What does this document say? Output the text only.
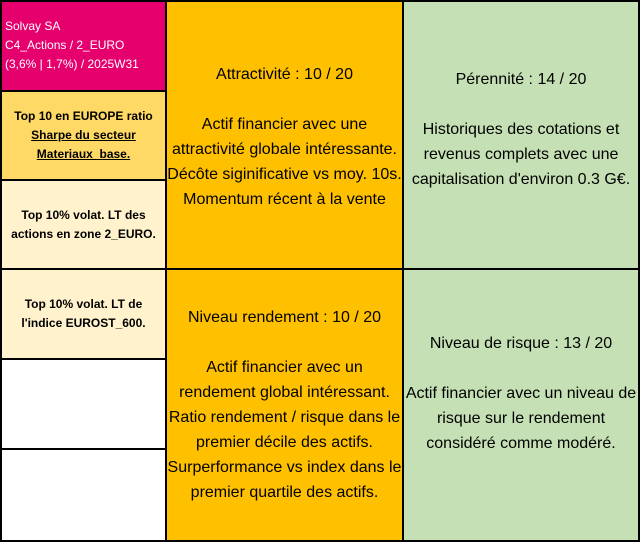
Solvay SA
C4_Actions / 2_EURO
(3,6% | 1,7%) / 2025W31
Top 10 en EUROPE ratio
Sharpe du secteur
Materiaux_base.
Top 10% volat. LT des
actions en zone 2_EURO.
Top 10% volat. LT de
l'indice EUROST_600.
Attractivité : 10 / 20
Actif financier avec une
attractivité globale intéressante.
Décôte siginificative vs moy. 10s.
Momentum récent à la vente
Pérennité : 14 / 20
Historiques des cotations et
revenus complets avec une
capitalisation d'environ 0.3 G€.
Niveau rendement : 10 / 20
Actif financier avec un
rendement global intéressant.
Ratio rendement / risque dans le
premier décile des actifs.
Surperformance vs index dans le
premier quartile des actifs.
Niveau de risque : 13 / 20
Actif financier avec un niveau de
risque sur le rendement
considéré comme modéré.
